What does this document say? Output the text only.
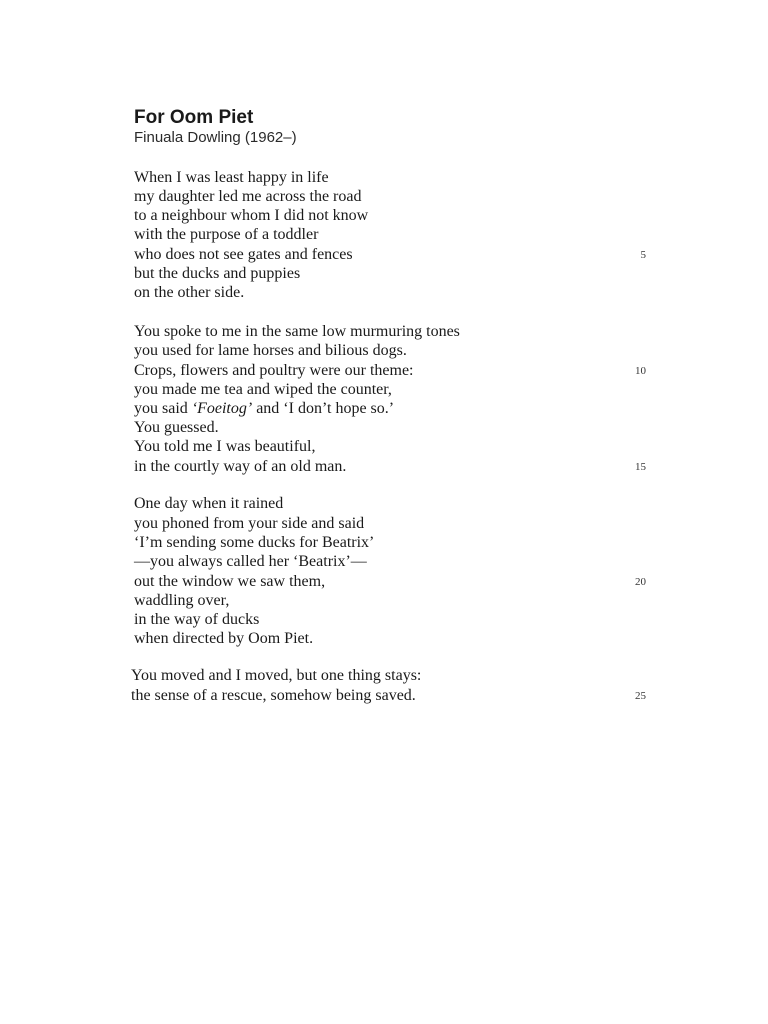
For Oom Piet
Finuala Dowling (1962–)
When I was least happy in life
my daughter led me across the road
to a neighbour whom I did not know
with the purpose of a toddler
who does not see gates and fences	5
but the ducks and puppies
on the other side.
You spoke to me in the same low murmuring tones
you used for lame horses and bilious dogs.
Crops, flowers and poultry were our theme:	10
you made me tea and wiped the counter,
you said ‘Foeitog’ and ‘I don’t hope so.’
You guessed.
You told me I was beautiful,
in the courtly way of an old man.	15
One day when it rained
you phoned from your side and said
‘I’m sending some ducks for Beatrix’
—you always called her ‘Beatrix’—
out the window we saw them,	20
waddling over,
in the way of ducks
when directed by Oom Piet.
You moved and I moved, but one thing stays:
the sense of a rescue, somehow being saved.	25
